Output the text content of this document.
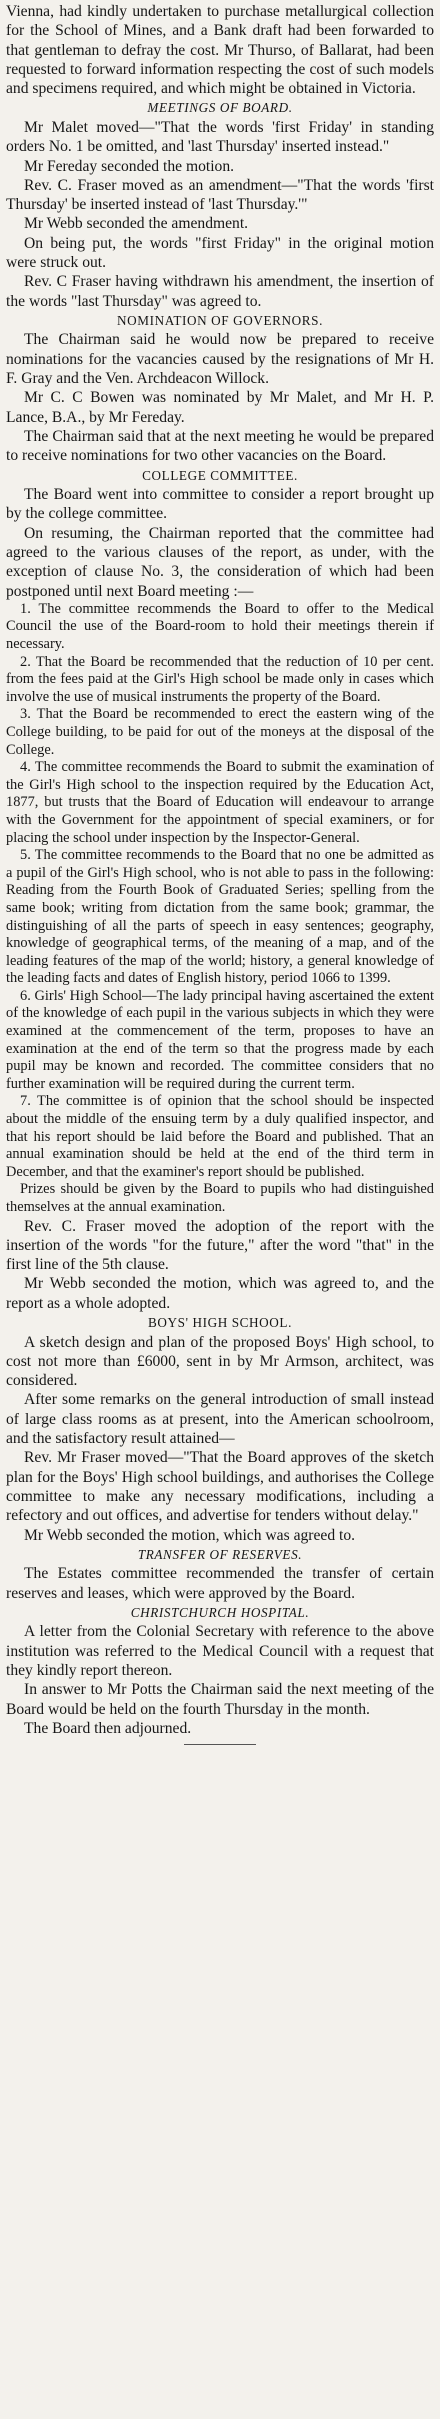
Vienna, had kindly undertaken to purchase metallurgical collection for the School of Mines, and a Bank draft had been forwarded to that gentleman to defray the cost. Mr Thurso, of Ballarat, had been requested to forward information respecting the cost of such models and specimens required, and which might be obtained in Victoria.

MEETINGS OF BOARD.

Mr Malet moved—"That the words 'first Friday' in standing orders No. 1 be omitted, and 'last Thursday' inserted instead."

Mr Fereday seconded the motion.

Rev. C. Fraser moved as an amendment—"That the words 'first Thursday' be inserted instead of 'last Thursday.'"

Mr Webb seconded the amendment.

On being put, the words "first Friday" in the original motion were struck out.

Rev. C Fraser having withdrawn his amendment, the insertion of the words "last Thursday" was agreed to.

NOMINATION OF GOVERNORS.

The Chairman said he would now be prepared to receive nominations for the vacancies caused by the resignations of Mr H. F. Gray and the Ven. Archdeacon Willock.

Mr C. C Bowen was nominated by Mr Malet, and Mr H. P. Lance, B.A., by Mr Fereday.

The Chairman said that at the next meeting he would be prepared to receive nominations for two other vacancies on the Board.

COLLEGE COMMITTEE.

The Board went into committee to consider a report brought up by the college committee.

On resuming, the Chairman reported that the committee had agreed to the various clauses of the report, as under, with the exception of clause No. 3, the consideration of which had been postponed until next Board meeting :—

1. The committee recommends the Board to offer to the Medical Council the use of the Board-room to hold their meetings therein if necessary.

2. That the Board be recommended that the reduction of 10 per cent. from the fees paid at the Girl's High school be made only in cases which involve the use of musical instruments the property of the Board.

3. That the Board be recommended to erect the eastern wing of the College building, to be paid for out of the moneys at the disposal of the College.

4. The committee recommends the Board to submit the examination of the Girl's High school to the inspection required by the Education Act, 1877, but trusts that the Board of Education will endeavour to arrange with the Government for the appointment of special examiners, or for placing the school under inspection by the Inspector-General.

5. The committee recommends to the Board that no one be admitted as a pupil of the Girl's High school, who is not able to pass in the following: Reading from the Fourth Book of Graduated Series; spelling from the same book; writing from dictation from the same book; grammar, the distinguishing of all the parts of speech in easy sentences; geography, knowledge of geographical terms, of the meaning of a map, and of the leading features of the map of the world; history, a general knowledge of the leading facts and dates of English history, period 1066 to 1399.

6. Girls' High School—The lady principal having ascertained the extent of the knowledge of each pupil in the various subjects in which they were examined at the commencement of the term, proposes to have an examination at the end of the term so that the progress made by each pupil may be known and recorded. The committee considers that no further examination will be required during the current term.

7. The committee is of opinion that the school should be inspected about the middle of the ensuing term by a duly qualified inspector, and that his report should be laid before the Board and published. That an annual examination should be held at the end of the third term in December, and that the examiner's report should be published.

Prizes should be given by the Board to pupils who had distinguished themselves at the annual examination.

Rev. C. Fraser moved the adoption of the report with the insertion of the words "for the future," after the word "that" in the first line of the 5th clause.

Mr Webb seconded the motion, which was agreed to, and the report as a whole adopted.

BOYS' HIGH SCHOOL.

A sketch design and plan of the proposed Boys' High school, to cost not more than £6000, sent in by Mr Armson, architect, was considered.

After some remarks on the general introduction of small instead of large class rooms as at present, into the American schoolroom, and the satisfactory result attained—

Rev. Mr Fraser moved—"That the Board approves of the sketch plan for the Boys' High school buildings, and authorises the College committee to make any necessary modifications, including a refectory and out offices, and advertise for tenders without delay."

Mr Webb seconded the motion, which was agreed to.

TRANSFER OF RESERVES.

The Estates committee recommended the transfer of certain reserves and leases, which were approved by the Board.

CHRISTCHURCH HOSPITAL.

A letter from the Colonial Secretary with reference to the above institution was referred to the Medical Council with a request that they kindly report thereon.

In answer to Mr Potts the Chairman said the next meeting of the Board would be held on the fourth Thursday in the month.

The Board then adjourned.
